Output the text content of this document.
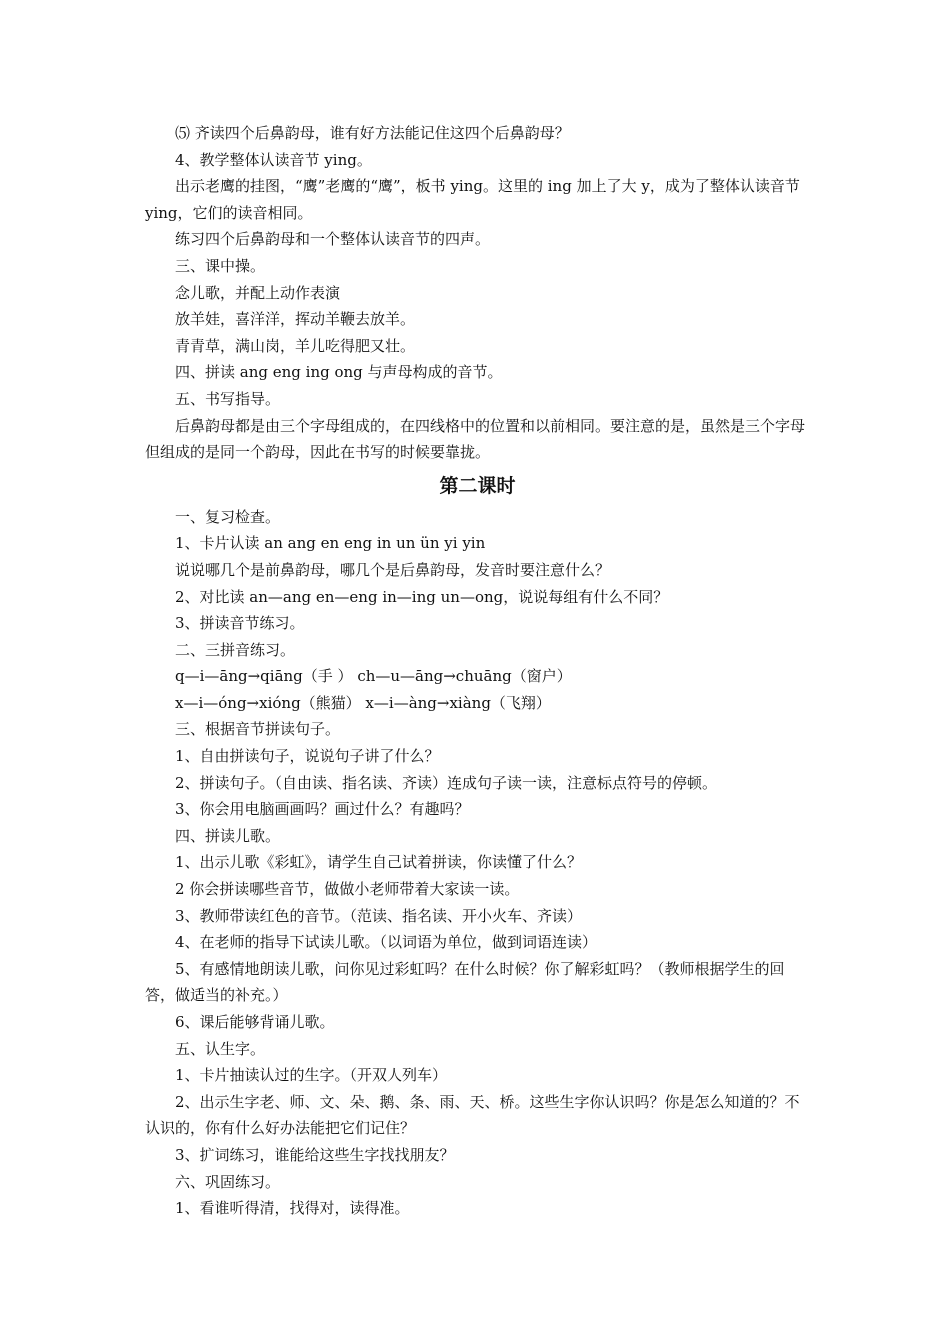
⑸ 齐读四个后鼻韵母，谁有好方法能记住这四个后鼻韵母？

4、教学整体认读音节 ying。

出示老鹰的挂图，“鹰”老鹰的“鹰”，板书 ying。这里的 ing 加上了大 y，成为了整体认读音节 ying，它们的读音相同。

练习四个后鼻韵母和一个整体认读音节的四声。

三、课中操。

念儿歌，并配上动作表演

放羊娃，喜洋洋，挥动羊鞭去放羊。

青青草，满山岗，羊儿吃得肥又壮。

四、拼读 ang eng ing ong 与声母构成的音节。

五、书写指导。

后鼻韵母都是由三个字母组成的，在四线格中的位置和以前相同。要注意的是，虽然是三个字母但组成的是同一个韵母，因此在书写的时候要靠拢。

第二课时

一、复习检查。

1、卡片认读 an ang en eng in un ün yi yin

说说哪几个是前鼻韵母，哪几个是后鼻韵母，发音时要注意什么？

2、对比读 an—ang en—eng in—ing un—ong，说说每组有什么不同？

3、拼读音节练习。

二、三拼音练习。

q—i—āng→qiāng（手 ） ch—u—āng→chuāng（窗户）

x—i—óng→xióng（熊猫） x—i—àng→xiàng（飞翔）

三、根据音节拼读句子。

1、自由拼读句子，说说句子讲了什么？

2、拼读句子。（自由读、指名读、齐读）连成句子读一读，注意标点符号的停顿。

3、你会用电脑画画吗？画过什么？有趣吗？

四、拼读儿歌。

1、出示儿歌《彩虹》，请学生自己试着拼读，你读懂了什么？

2 你会拼读哪些音节，做做小老师带着大家读一读。

3、教师带读红色的音节。（范读、指名读、开小火车、齐读）

4、在老师的指导下试读儿歌。（以词语为单位，做到词语连读）

5、有感情地朗读儿歌，问你见过彩虹吗？在什么时候？你了解彩虹吗？（教师根据学生的回答，做适当的补充。）

6、课后能够背诵儿歌。

五、认生字。

1、卡片抽读认过的生字。（开双人列车）

2、出示生字老、师、文、朵、鹅、条、雨、天、桥。这些生字你认识吗？你是怎么知道的？不认识的，你有什么好办法能把它们记住？

3、扩词练习，谁能给这些生字找找朋友？

六、巩固练习。

1、看谁听得清，找得对，读得准。
